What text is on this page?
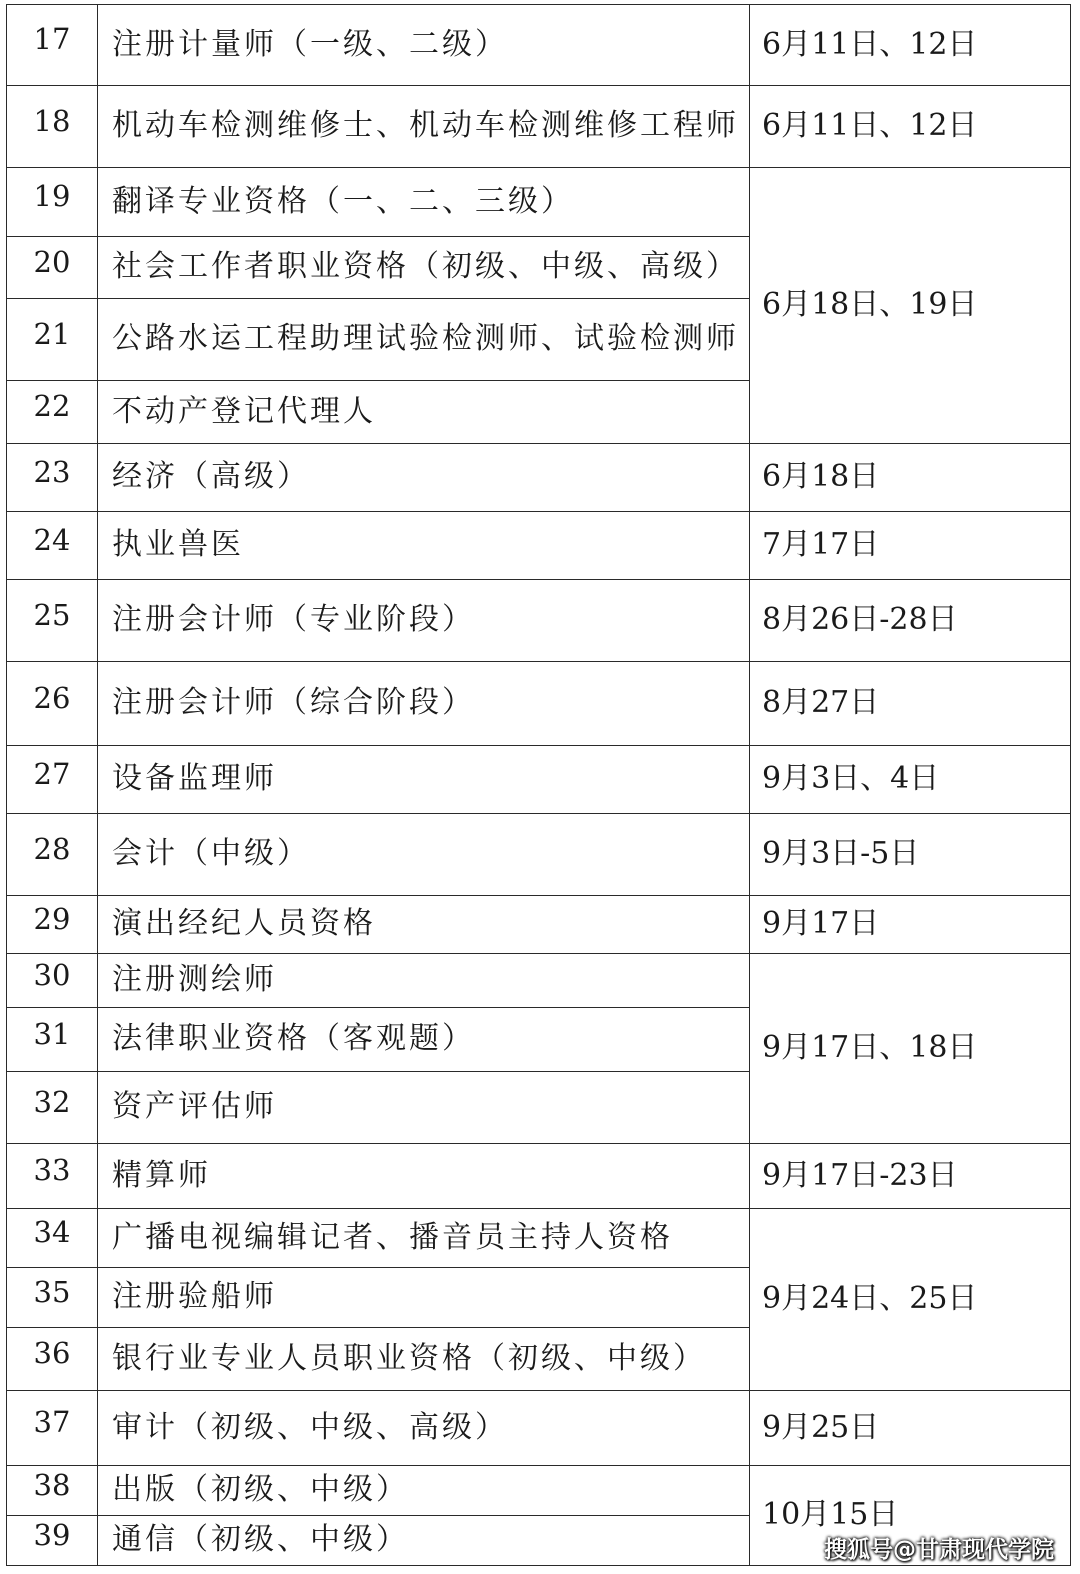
17	注册计量师（一级、二级）	6月11日、12日
18	机动车检测维修士、机动车检测维修工程师	6月11日、12日
19	翻译专业资格（一、二、三级）	6月18日、19日
20	社会工作者职业资格（初级、中级、高级）	
21	公路水运工程助理试验检测师、试验检测师	
22	不动产登记代理人	
23	经济（高级）	6月18日
24	执业兽医	7月17日
25	注册会计师（专业阶段）	8月26日-28日
26	注册会计师（综合阶段）	8月27日
27	设备监理师	9月3日、4日
28	会计（中级）	9月3日-5日
29	演出经纪人员资格	9月17日
30	注册测绘师	9月17日、18日
31	法律职业资格（客观题）	
32	资产评估师	
33	精算师	9月17日-23日
34	广播电视编辑记者、播音员主持人资格	9月24日、25日
35	注册验船师	
36	银行业专业人员职业资格（初级、中级）	
37	审计（初级、中级、高级）	9月25日
38	出版（初级、中级）	10月15日
39	通信（初级、中级）		搜狐号@甘肃现代学院
